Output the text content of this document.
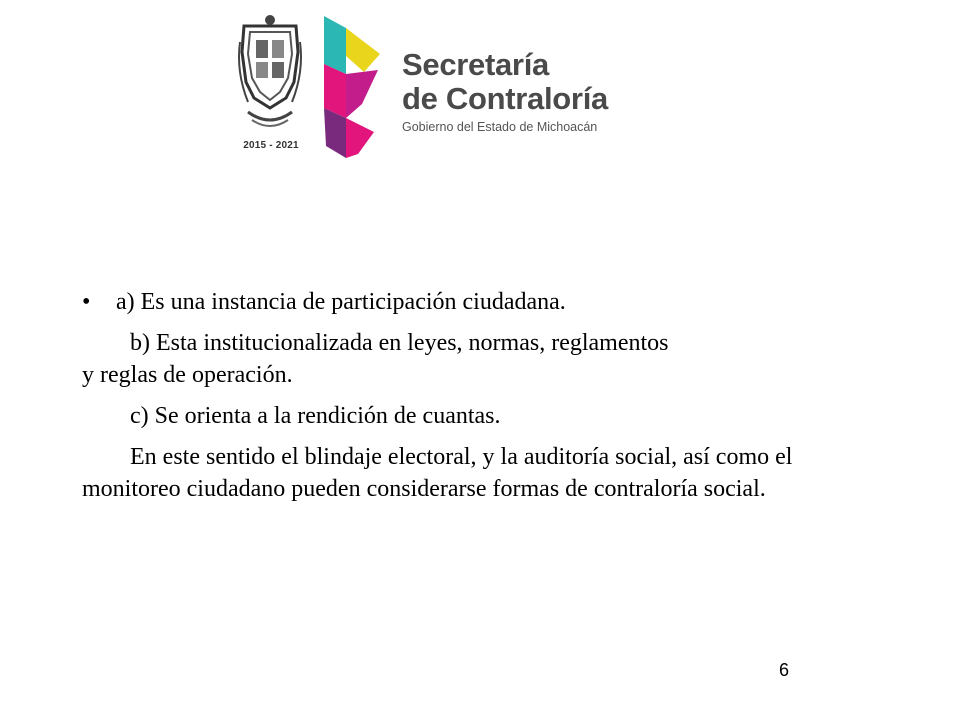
2015 - 2021
Secretaría
de Contraloría
Gobierno del Estado de Michoacán

• a) Es una instancia de participación ciudadana.

b) Esta institucionalizada en leyes, normas, reglamentos y reglas de operación.

c) Se orienta a la rendición de cuantas.

En este sentido el blindaje electoral, y la auditoría social, así como el monitoreo ciudadano pueden considerarse formas de contraloría social.

6
